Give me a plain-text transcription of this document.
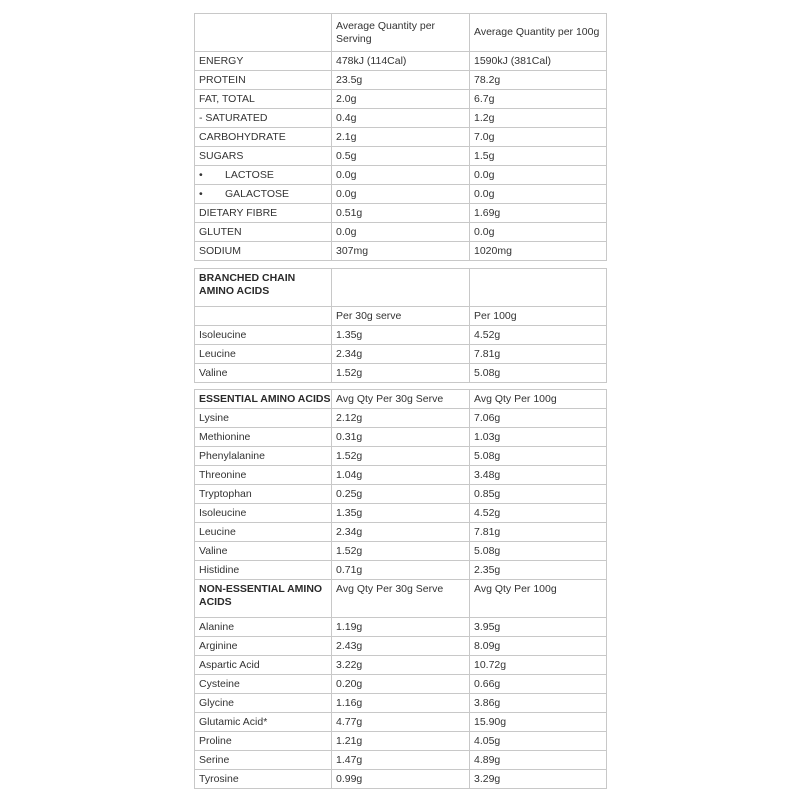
	Average Quantity per Serving	Average Quantity per 100g
ENERGY	478kJ (114Cal)	1590kJ (381Cal)
PROTEIN	23.5g	78.2g
FAT, TOTAL	2.0g	6.7g
- SATURATED	0.4g	1.2g
CARBOHYDRATE	2.1g	7.0g
SUGARS	0.5g	1.5g
• LACTOSE	0.0g	0.0g
• GALACTOSE	0.0g	0.0g
DIETARY FIBRE	0.51g	1.69g
GLUTEN	0.0g	0.0g
SODIUM	307mg	1020mg
BRANCHED CHAIN AMINO ACIDS		
	Per 30g serve	Per 100g
Isoleucine	1.35g	4.52g
Leucine	2.34g	7.81g
Valine	1.52g	5.08g
ESSENTIAL AMINO ACIDS	Avg Qty Per 30g Serve	Avg Qty Per 100g
Lysine	2.12g	7.06g
Methionine	0.31g	1.03g
Phenylalanine	1.52g	5.08g
Threonine	1.04g	3.48g
Tryptophan	0.25g	0.85g
Isoleucine	1.35g	4.52g
Leucine	2.34g	7.81g
Valine	1.52g	5.08g
Histidine	0.71g	2.35g
NON-ESSENTIAL AMINO ACIDS	Avg Qty Per 30g Serve	Avg Qty Per 100g
Alanine	1.19g	3.95g
Arginine	2.43g	8.09g
Aspartic Acid	3.22g	10.72g
Cysteine	0.20g	0.66g
Glycine	1.16g	3.86g
Glutamic Acid*	4.77g	15.90g
Proline	1.21g	4.05g
Serine	1.47g	4.89g
Tyrosine	0.99g	3.29g
